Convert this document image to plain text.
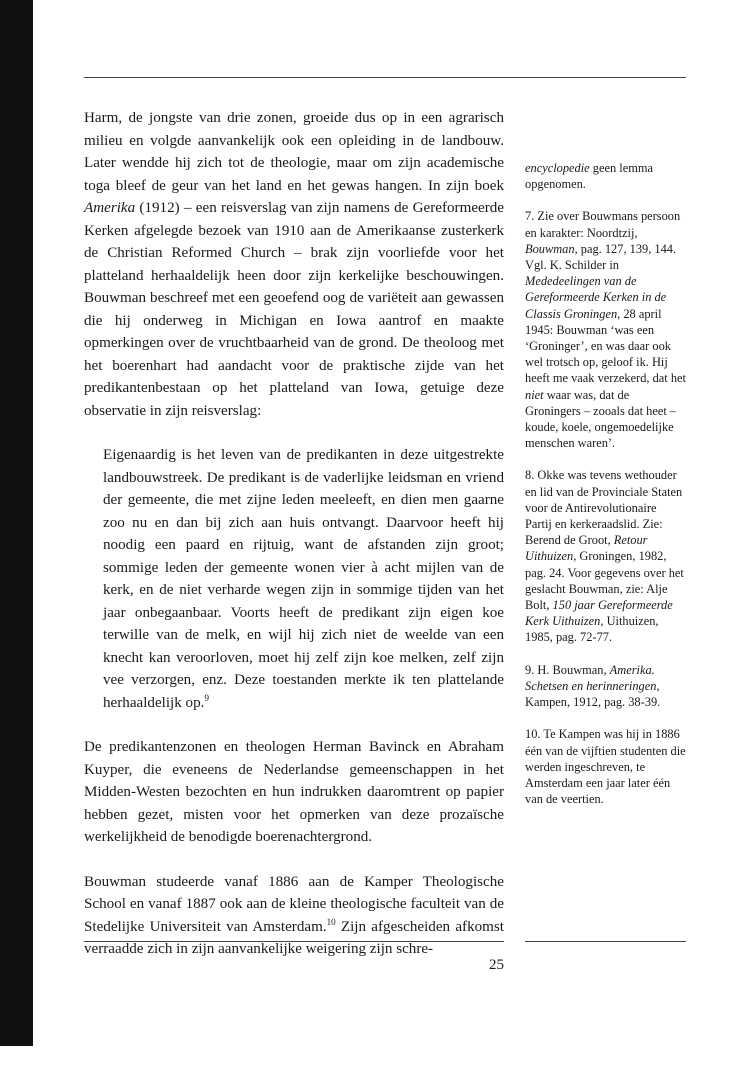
Harm, de jongste van drie zonen, groeide dus op in een agrarisch milieu en volgde aanvankelijk ook een opleiding in de landbouw. Later wendde hij zich tot de theologie, maar om zijn academische toga bleef de geur van het land en het gewas hangen. In zijn boek Amerika (1912) – een reisverslag van zijn namens de Gereformeerde Kerken afgelegde bezoek van 1910 aan de Amerikaanse zusterkerk de Christian Reformed Church – brak zijn voorliefde voor het platteland herhaaldelijk heen door zijn kerkelijke beschouwingen. Bouwman beschreef met een geoefend oog de variëteit aan gewassen die hij onderweg in Michigan en Iowa aantrof en maakte opmerkingen over de vruchtbaarheid van de grond. De theoloog met het boerenhart had aandacht voor de praktische zijde van het predikantenbestaan op het platteland van Iowa, getuige deze observatie in zijn reisverslag:

Eigenaardig is het leven van de predikanten in deze uitgestrekte landbouwstreek. De predikant is de vaderlijke leidsman en vriend der gemeente, die met zijne leden meeleeft, en dien men gaarne zoo nu en dan bij zich aan huis ontvangt. Daarvoor heeft hij noodig een paard en rijtuig, want de afstanden zijn groot; sommige leden der gemeente wonen vier à acht mijlen van de kerk, en de niet verharde wegen zijn in sommige tijden van het jaar onbegaanbaar. Voorts heeft de predikant zijn eigen koe terwille van de melk, en wijl hij zich niet de weelde van een knecht kan veroorloven, moet hij zelf zijn koe melken, zelf zijn vee verzorgen, enz. Deze toestanden merkte ik ten plattelande herhaaldelijk op.$^9$

De predikantenzonen en theologen Herman Bavinck en Abraham Kuyper, die eveneens de Nederlandse gemeenschappen in het Midden-Westen bezochten en hun indrukken daaromtrent op papier hebben gezet, misten voor het opmerken van deze prozaïsche werkelijkheid de benodigde boerenachtergrond.

Bouwman studeerde vanaf 1886 aan de Kamper Theologische School en vanaf 1887 ook aan de kleine theologische faculteit van de Stedelijke Universiteit van Amsterdam.$^{10}$ Zijn afgescheiden afkomst verraadde zich in zijn aanvankelijke weigering zijn schre-

encyclopedie geen lemma opgenomen.

7. Zie over Bouwmans persoon en karakter: Noordtzij, Bouwman, pag. 127, 139, 144.
Vgl. K. Schilder in Mededeelingen van de Gereformeerde Kerken in de Classis Groningen, 28 april 1945: Bouwman ‘was een ‘Groninger’, en was daar ook wel trotsch op, geloof ik. Hij heeft me vaak verzekerd, dat het niet waar was, dat de Groningers – zooals dat heet – koude, koele, ongemoedelijke menschen waren’.

8. Okke was tevens wethouder en lid van de Provinciale Staten voor de Antirevolutionaire Partij en kerkeraadslid. Zie: Berend de Groot, Retour Uithuizen, Groningen, 1982, pag. 24. Voor gegevens over het geslacht Bouwman, zie: Alje Bolt, 150 jaar Gereformeerde Kerk Uithuizen, Uithuizen, 1985, pag. 72-77.

9. H. Bouwman, Amerika. Schetsen en herinneringen, Kampen, 1912, pag. 38-39.

10. Te Kampen was hij in 1886 één van de vijftien studenten die werden ingeschreven, te Amsterdam een jaar later één van de veertien.

25
